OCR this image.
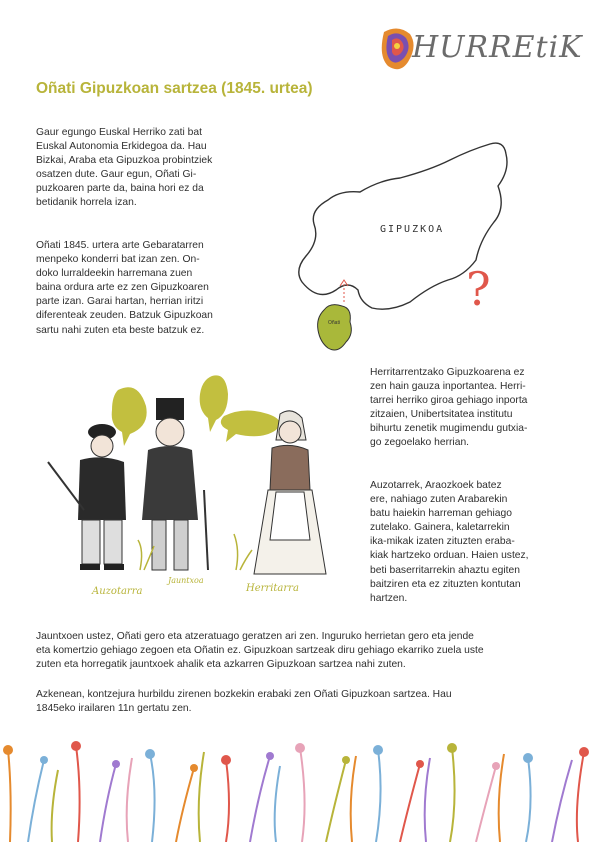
HURREtiK
Oñati Gipuzkoan sartzea (1845. urtea)
Gaur egungo Euskal Herriko zati bat
Euskal Autonomia Erkidegoa da. Hau
Bizkai, Araba eta Gipuzkoa probintziek
osatzen dute. Gaur egun, Oñati Gi-
puzkoaren parte da, baina hori ez da
betidanik horrela izan.
Oñati 1845. urtera arte Gebaratarren
menpeko konderri bat izan zen. On-
doko lurraldeekin harremana zuen
baina ordura arte ez zen Gipuzkoaren
parte izan. Garai hartan, herrian iritzi
diferenteak zeuden. Batzuk Gipuzkoan
sartu nahi zuten eta beste batzuk ez.
Herritarrentzako Gipuzkoarena ez
zen hain gauza inportantea. Herri-
tarrei herriko giroa gehiago inporta
zitzaien, Unibertsitatea institutu
bihurtu zenetik mugimendu gutxia-
go zegoelako herrian.
Auzotarrek, Araozkoek batez
ere, nahiago zuten Arabarekin
batu haiekin harreman gehiago
zutelako. Gainera, kaletarrekin
ika-mikak izaten zituzten eraba-
kiak hartzeko orduan. Haien ustez,
beti baserritarrekin ahaztu egiten
baitziren eta ez zituzten kontutan
hartzen.
Jauntxoen ustez, Oñati gero eta atzeratuago geratzen ari zen. Inguruko herrietan gero eta jende
eta komertzio gehiago zegoen eta Oñatin ez. Gipuzkoan sartzeak diru gehiago ekarriko zuela uste
zuten eta horregatik jauntxoek ahalik eta azkarren Gipuzkoan sartzea nahi zuten.
Azkenean, kontzejura hurbildu zirenen bozkekin erabaki zen Oñati Gipuzkoan sartzea. Hau
1845eko irailaren 11n gertatu zen.
GIPUZKOA
Oñati
?
Auzotarra
Jauntxoa
Herritarra
